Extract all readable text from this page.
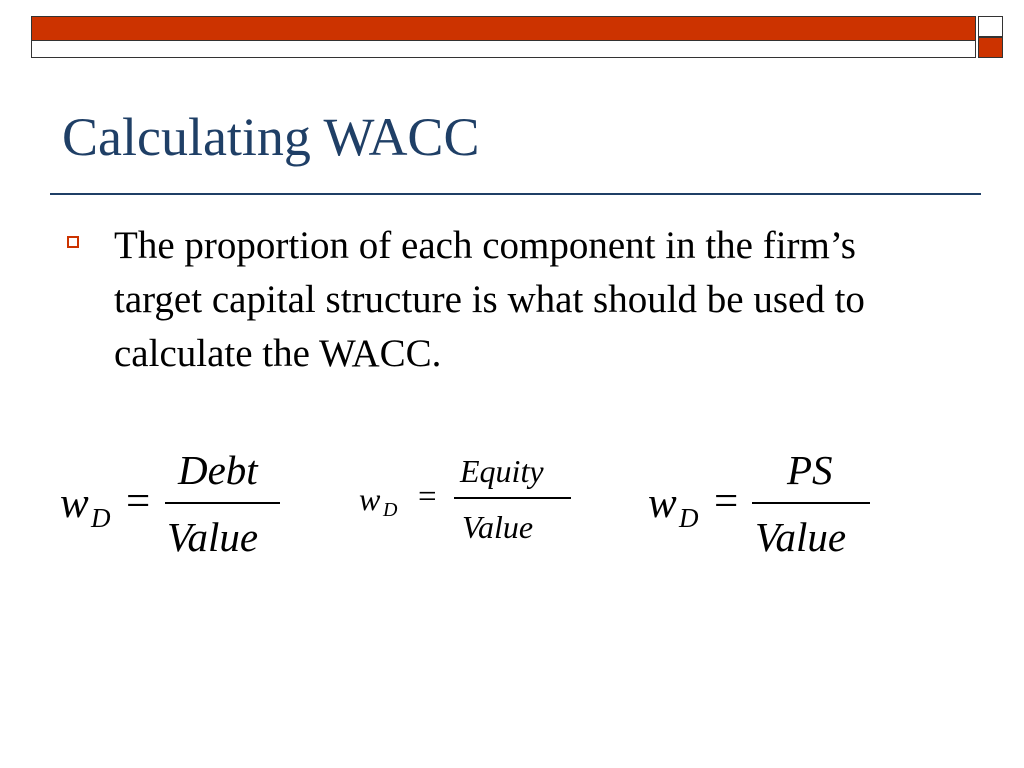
Calculating WACC
The proportion of each component in the firm’s target capital structure is what should be used to calculate the WACC.
w D =
Debt
Value
w D =
Equity
Value	w D =
PS
Value
